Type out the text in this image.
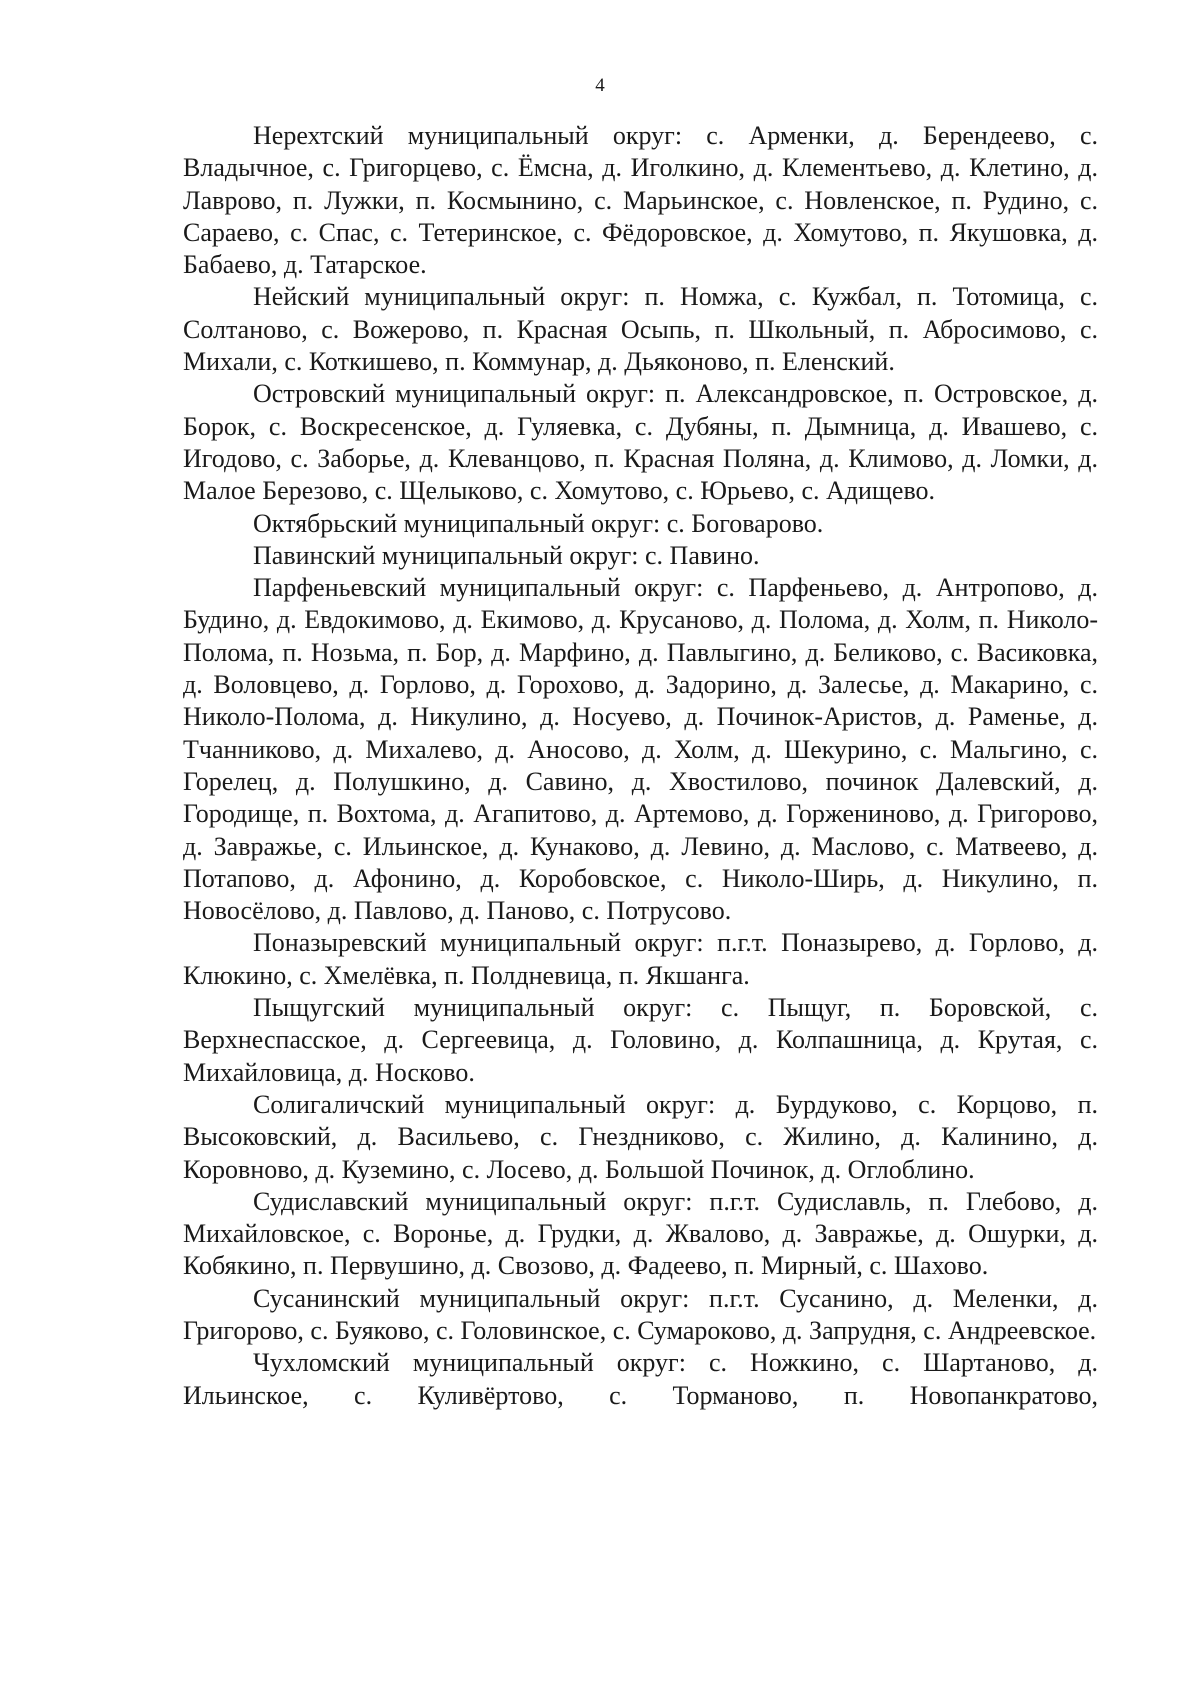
4

Нерехтский муниципальный округ: с. Арменки, д. Берендеево, с. Владычное, с. Григорцево, с. Ёмсна, д. Иголкино, д. Клементьево, д. Клетино, д. Лаврово, п. Лужки, п. Космынино, с. Марьинское, с. Новленское, п. Рудино, с. Сараево, с. Спас, с. Тетеринское, с. Фёдоровское, д. Хомутово, п. Якушовка, д. Бабаево, д. Татарское.

Нейский муниципальный округ: п. Номжа, с. Кужбал, п. Тотомица, с. Солтаново, с. Вожерово, п. Красная Осыпь, п. Школьный, п. Абросимово, с. Михали, с. Коткишево, п. Коммунар, д. Дьяконово, п. Еленский.

Островский муниципальный округ: п. Александровское, п. Островское, д. Борок, с. Воскресенское, д. Гуляевка, с. Дубяны, п. Дымница, д. Ивашево, с. Игодово, с. Заборье, д. Клеванцово, п. Красная Поляна, д. Климово, д. Ломки, д. Малое Березово, с. Щелыково, с. Хомутово, с. Юрьево, с. Адищево.

Октябрьский муниципальный округ: с. Боговарово.

Павинский муниципальный округ: с. Павино.

Парфеньевский муниципальный округ: с. Парфеньево, д. Антропово, д. Будино, д. Евдокимово, д. Екимово, д. Крусаново, д. Полома, д. Холм, п. Николо-Полома, п. Нозьма, п. Бор, д. Марфино, д. Павлыгино, д. Беликово, с. Васиковка, д. Воловцево, д. Горлово, д. Горохово, д. Задорино, д. Залесье, д. Макарино, с. Николо-Полома, д. Никулино, д. Носуево, д. Починок-Аристов, д. Раменье, д. Тчанниково, д. Михалево, д. Аносово, д. Холм, д. Шекурино, с. Мальгино, с. Горелец, д. Полушкино, д. Савино, д. Хвостилово, починок Далевский, д. Городище, п. Вохтома, д. Агапитово, д. Артемово, д. Горжениново, д. Григорово, д. Завражье, с. Ильинское, д. Кунаково, д. Левино, д. Маслово, с. Матвеево, д. Потапово, д. Афонино, д. Коробовское, с. Николо-Ширь, д. Никулино, п. Новосёлово, д. Павлово, д. Паново, с. Потрусово.

Поназыревский муниципальный округ: п.г.т. Поназырево, д. Горлово, д. Клюкино, с. Хмелёвка, п. Полдневица, п. Якшанга.

Пыщугский муниципальный округ: с. Пыщуг, п. Боровской, с. Верхнеспасское, д. Сергеевица, д. Головино, д. Колпашница, д. Крутая, с. Михайловица, д. Носково.

Солигаличский муниципальный округ: д. Бурдуково, с. Корцово, п. Высоковский, д. Васильево, с. Гнездниково, с. Жилино, д. Калинино, д. Коровново, д. Куземино, с. Лосево, д. Большой Починок, д. Оглоблино.

Судиславский муниципальный округ: п.г.т. Судиславль, п. Глебово, д. Михайловское, с. Воронье, д. Грудки, д. Жвалово, д. Завражье, д. Ошурки, д. Кобякино, п. Первушино, д. Свозово, д. Фадеево, п. Мирный, с. Шахово.

Сусанинский муниципальный округ: п.г.т. Сусанино, д. Меленки, д. Григорово, с. Буяково, с. Головинское, с. Сумароково, д. Запрудня, с. Андреевское.

Чухломский муниципальный округ: с. Ножкино, с. Шартаново, д. Ильинское, с. Куливёртово, с. Торманово, п. Новопанкратово,
